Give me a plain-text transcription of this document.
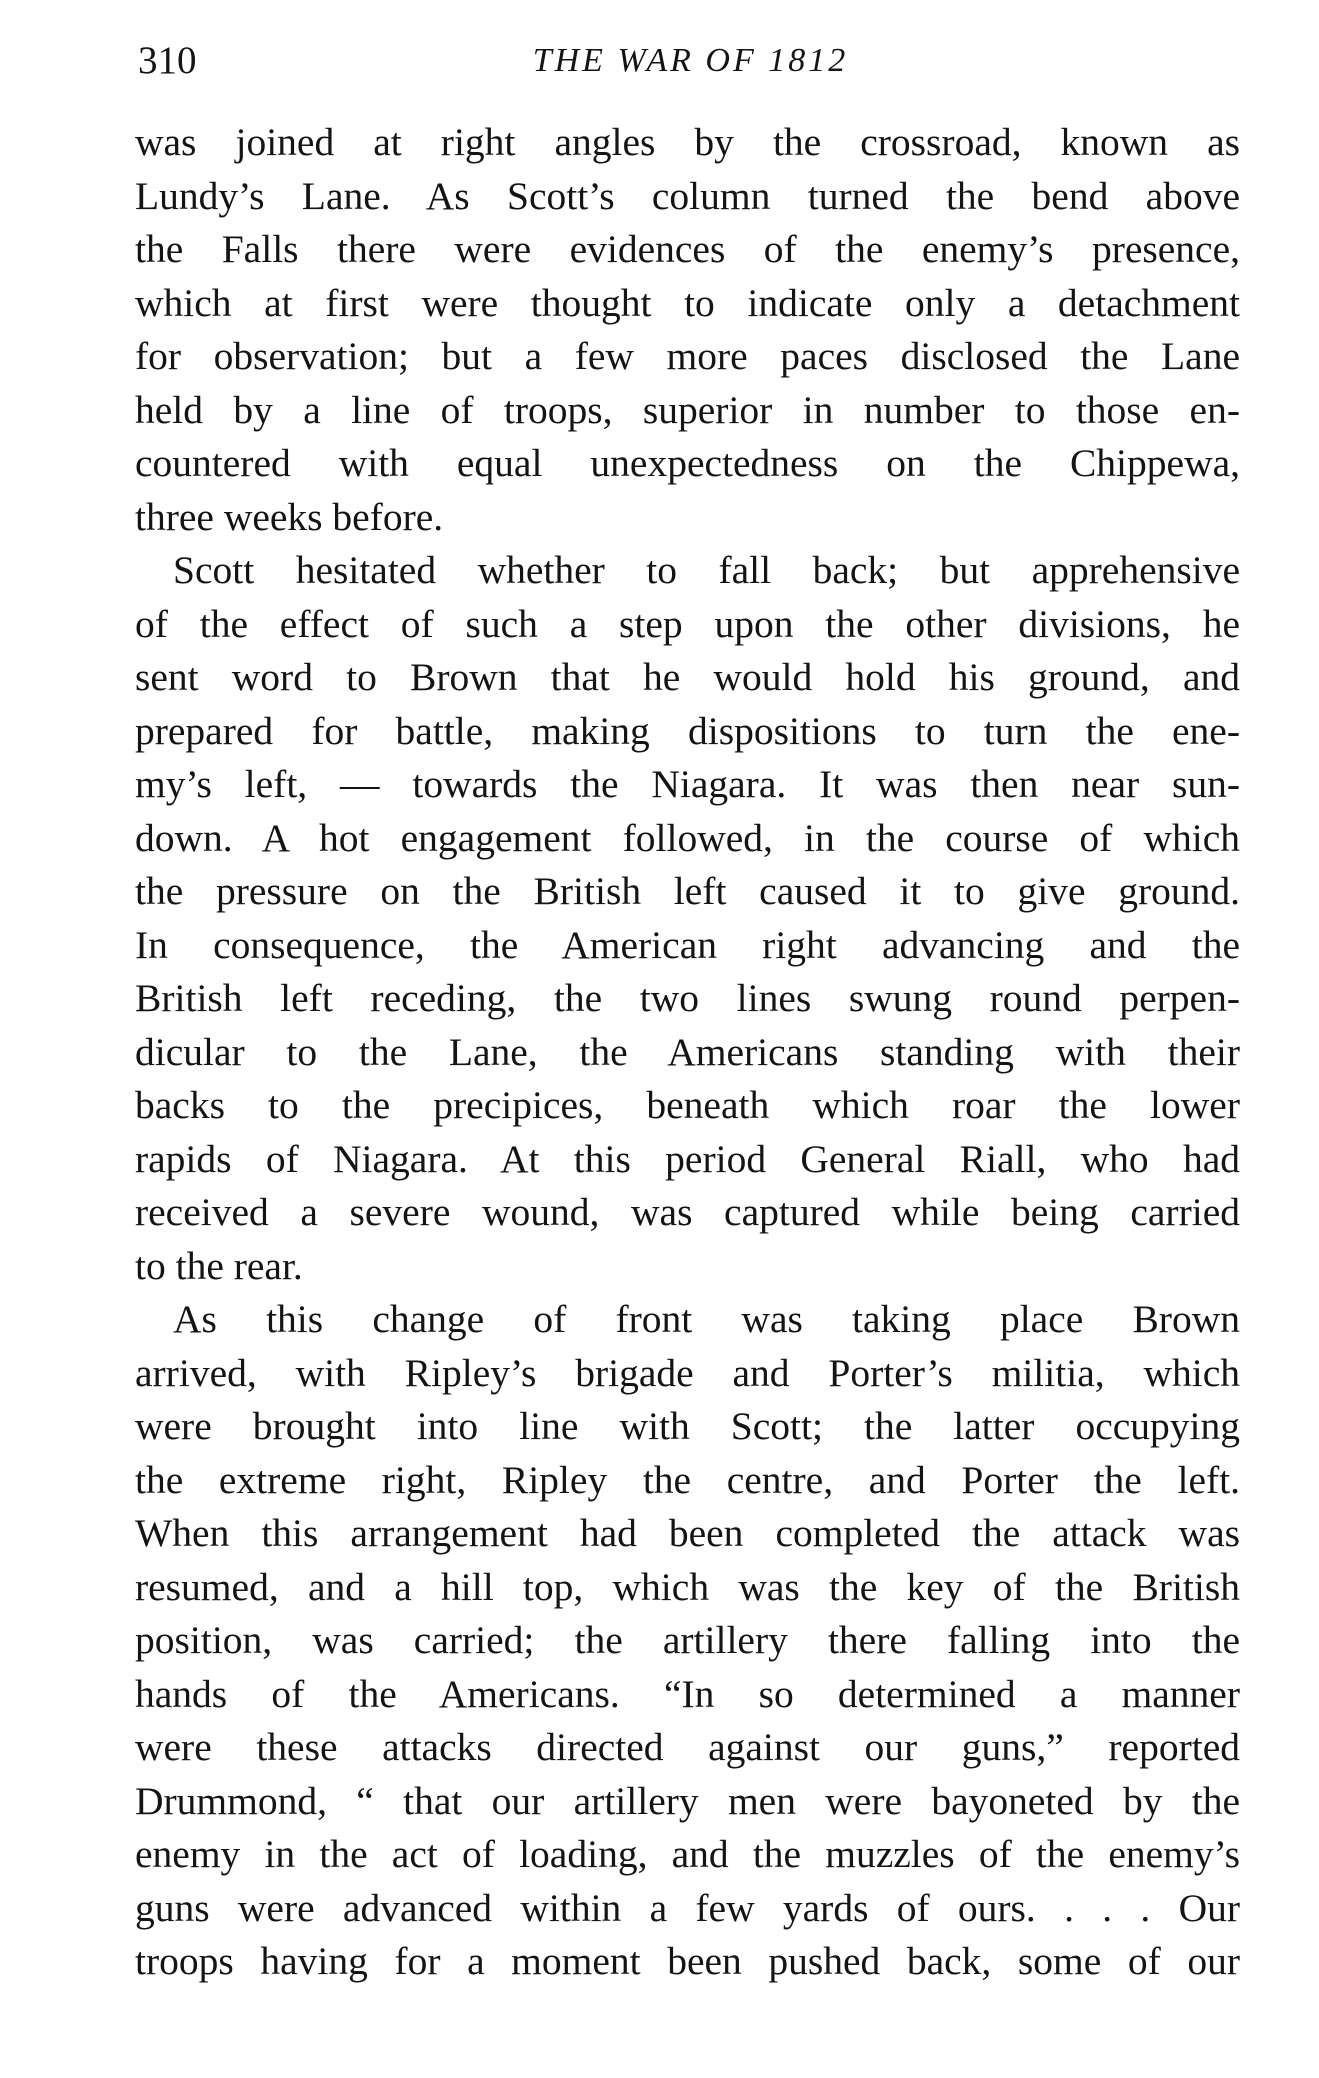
310	THE WAR OF 1812
was joined at right angles by the crossroad, known as
Lundy’s Lane. As Scott’s column turned the bend above
the Falls there were evidences of the enemy’s presence,
which at first were thought to indicate only a detachment
for observation; but a few more paces disclosed the Lane
held by a line of troops, superior in number to those en-
countered with equal unexpectedness on the Chippewa,
three weeks before.
Scott hesitated whether to fall back; but apprehensive
of the effect of such a step upon the other divisions, he
sent word to Brown that he would hold his ground, and
prepared for battle, making dispositions to turn the ene-
my’s left, — towards the Niagara. It was then near sun-
down. A hot engagement followed, in the course of which
the pressure on the British left caused it to give ground.
In consequence, the American right advancing and the
British left receding, the two lines swung round perpen-
dicular to the Lane, the Americans standing with their
backs to the precipices, beneath which roar the lower
rapids of Niagara. At this period General Riall, who had
received a severe wound, was captured while being carried
to the rear.
As this change of front was taking place Brown
arrived, with Ripley’s brigade and Porter’s militia, which
were brought into line with Scott; the latter occupying
the extreme right, Ripley the centre, and Porter the left.
When this arrangement had been completed the attack was
resumed, and a hill top, which was the key of the British
position, was carried; the artillery there falling into the
hands of the Americans. “In so determined a manner
were these attacks directed against our guns,” reported
Drummond, “ that our artillery men were bayoneted by the
enemy in the act of loading, and the muzzles of the enemy’s
guns were advanced within a few yards of ours. . . . Our
troops having for a moment been pushed back, some of our
